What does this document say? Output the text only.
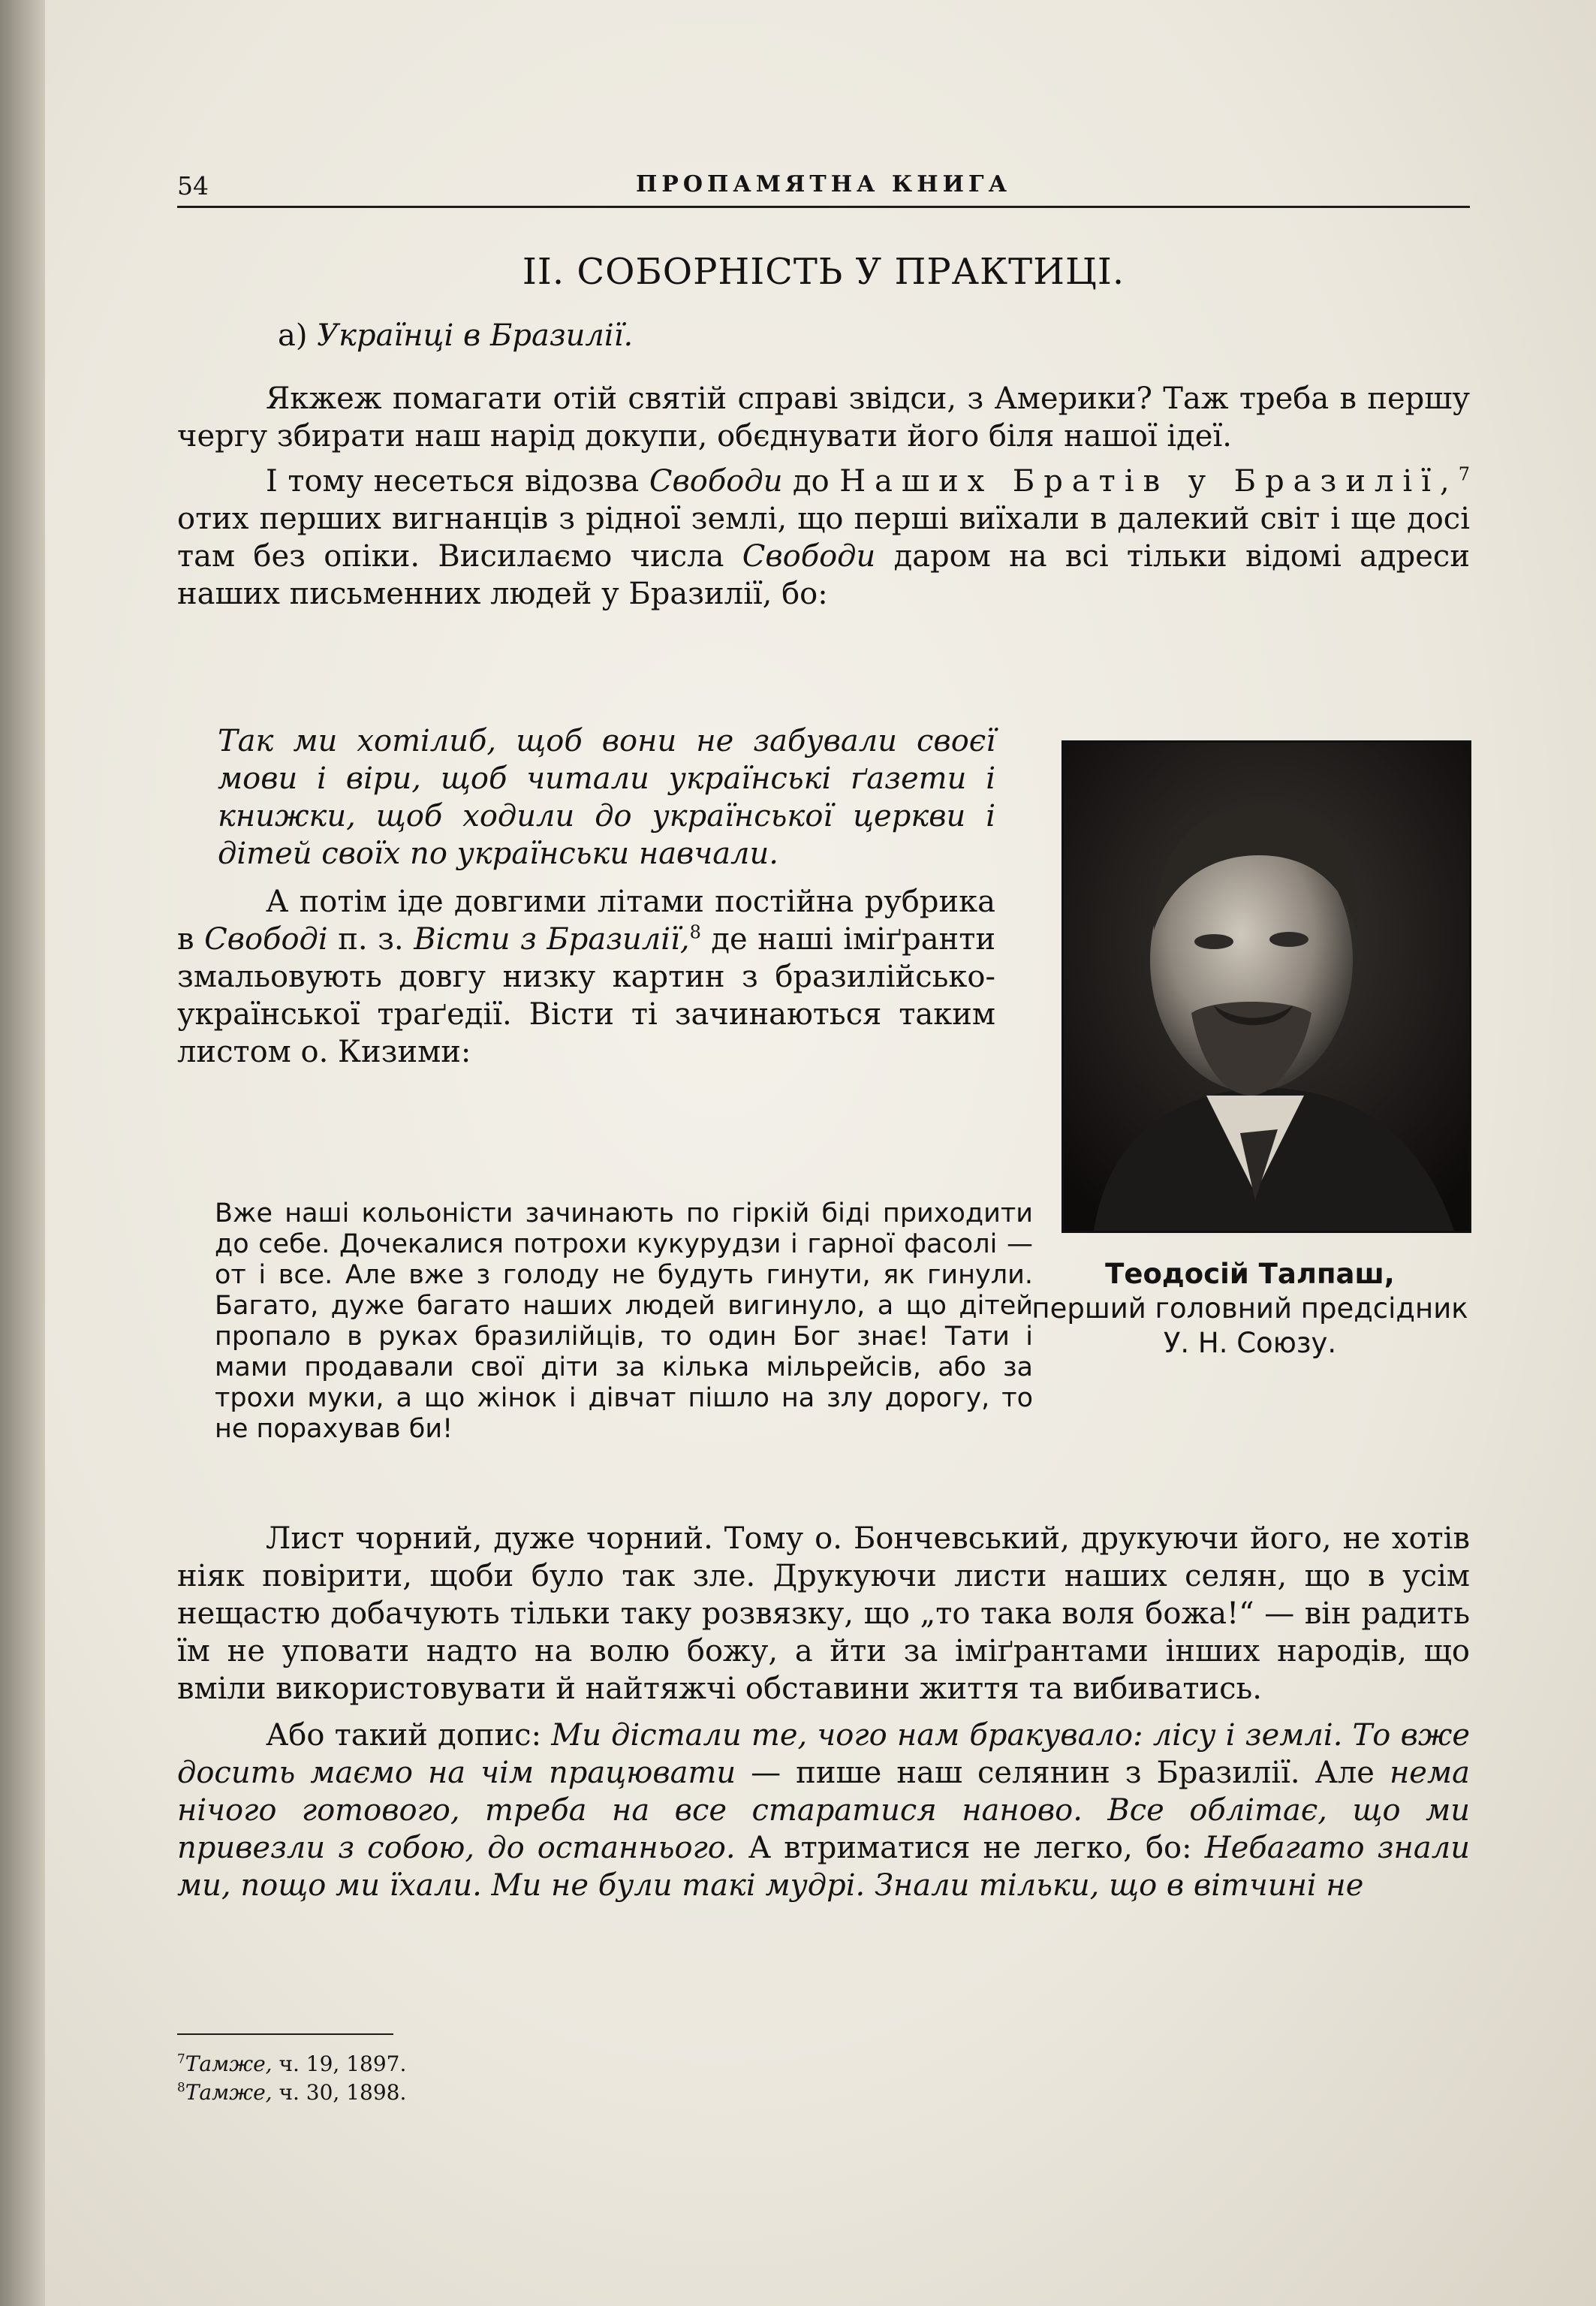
54	ПРОПАМЯТНА КНИГА
II. СОБОРНІСТЬ У ПРАКТИЦІ.
а) Українці в Бразилії.

Якжеж помагати отій святій справі звідси, з Америки? Таж треба в першу чергу збирати наш нарід докупи, обєднувати його біля нашої ідеї.

І тому несеться відозва Свободи до Наших Братів у Бразилії,$^7$ отих перших вигнанців з рідної землі, що перші виїхали в далекий світ і ще досі там без опіки. Висилаємо числа Свободи даром на всі тільки відомі адреси наших письменних людей у Бразилії, бо:

Так ми хотілиб, щоб вони не забували своєї мови і віри, щоб читали українські ґазети і книжки, щоб ходили до української церкви і дітей своїх по українськи навчали.

А потім іде довгими літами постійна рубрика в Свободі п. з. Вісти з Бразилії,$^8$ де наші іміґранти змальовують довгу низку картин з бразилійсько-української траґедії. Вісти ті зачинаються таким листом о. Кизими:

Вже наші кольоністи зачинають по гіркій біді приходити до себе. Дочекалися потрохи кукурудзи і гарної фасолі — от і все. Але вже з голоду не будуть гинути, як гинули. Багато, дуже багато наших людей вигинуло, а що дітей пропало в руках бразилійців, то один Бог знає! Тати і мами продавали свої діти за кілька мільрейсів, або за трохи муки, а що жінок і дівчат пішло на злу дорогу, то не порахував би!
Теодосій Талпаш,
перший головний предсідник У. Н. Союзу.

Лист чорний, дуже чорний. Тому о. Бончевський, друкуючи його, не хотів ніяк повірити, щоби було так зле. Друкуючи листи наших селян, що в усім нещастю добачують тільки таку розвязку, що „то така воля божа!“ — він радить їм не уповати надто на волю божу, а йти за іміґрантами інших народів, що вміли використовувати й найтяжчі обставини життя та вибиватись.

Або такий допис: Ми дістали те, чого нам бракувало: лісу і землі. То вже досить маємо на чім працювати — пише наш селянин з Бразилії. Але нема нічого готового, треба на все старатися наново. Все облітає, що ми привезли з собою, до останнього. А втриматися не легко, бо: Небагато знали ми, пощо ми їхали. Ми не були такі мудрі. Знали тільки, що в вітчині не

$^7$Тамже, ч. 19, 1897.
$^8$Тамже, ч. 30, 1898.
